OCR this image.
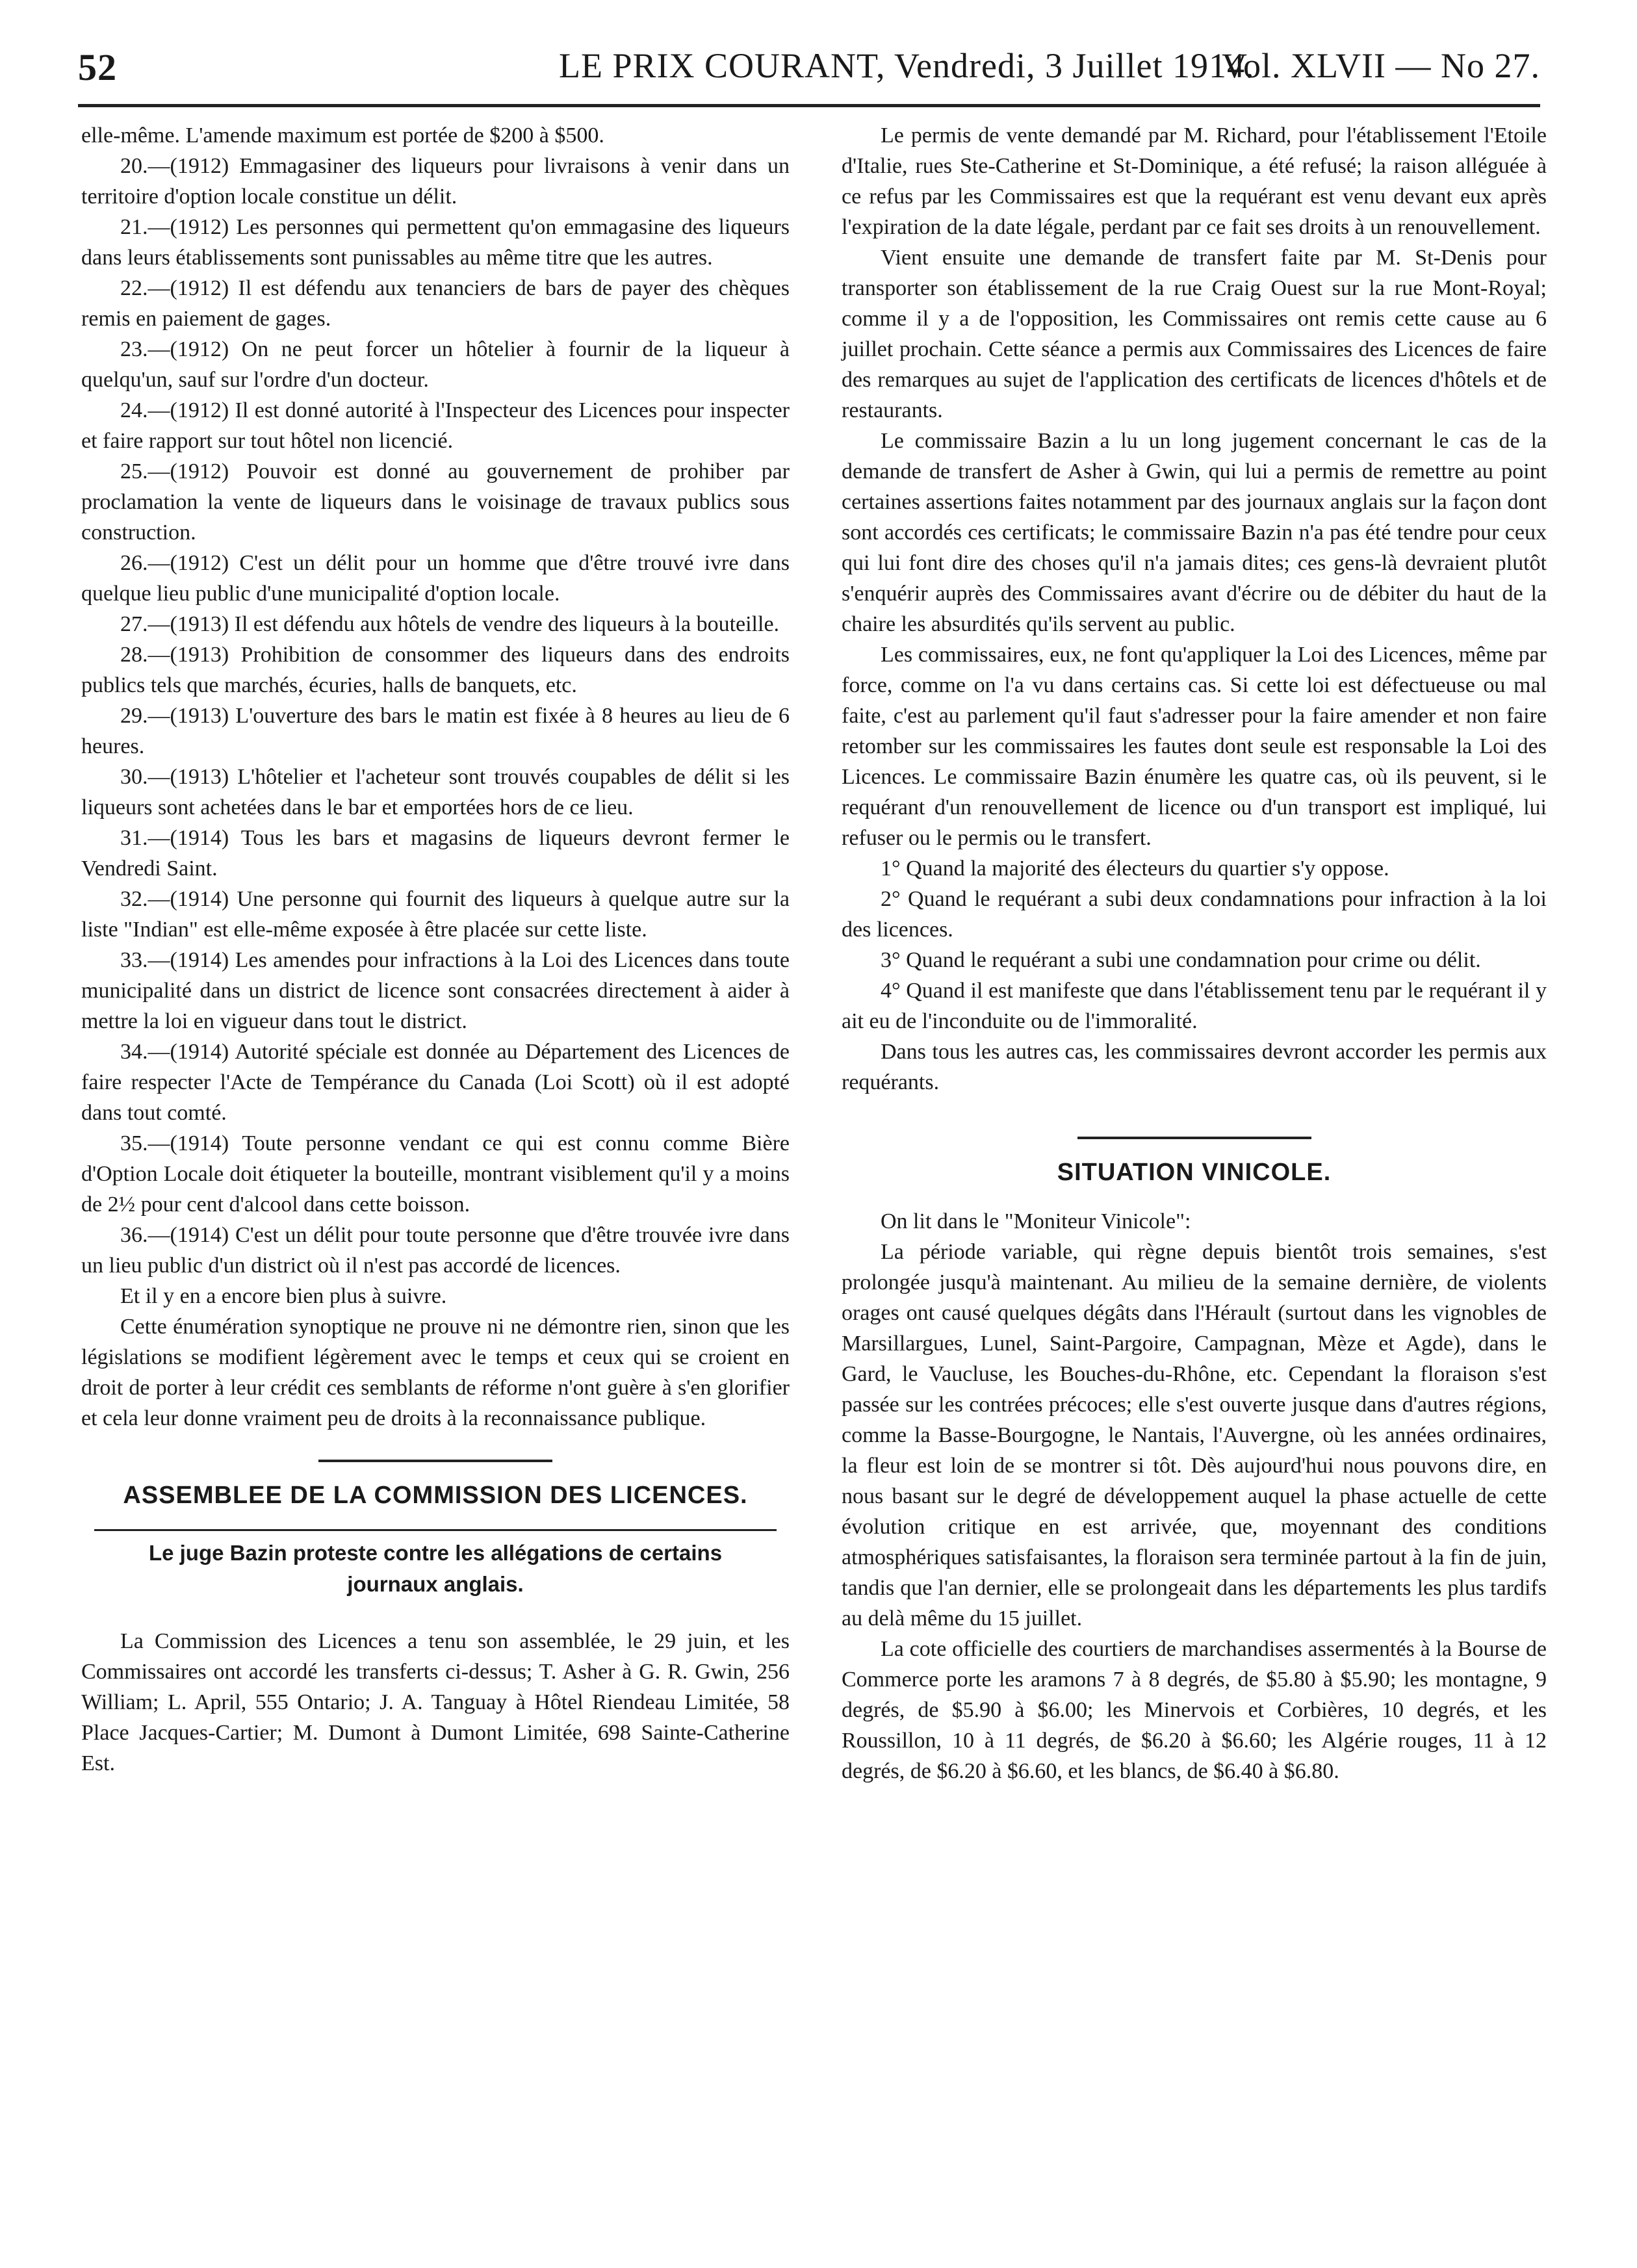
52	LE PRIX COURANT, Vendredi, 3 Juillet 1914.
Vol. XLVII — No 27.

elle-même. L'amende maximum est portée de $200 à $500.

20.—(1912) Emmagasiner des liqueurs pour livraisons à venir dans un territoire d'option locale constitue un délit.

21.—(1912) Les personnes qui permettent qu'on emmagasine des liqueurs dans leurs établissements sont punissables au même titre que les autres.

22.—(1912) Il est défendu aux tenanciers de bars de payer des chèques remis en paiement de gages.

23.—(1912) On ne peut forcer un hôtelier à fournir de la liqueur à quelqu'un, sauf sur l'ordre d'un docteur.

24.—(1912) Il est donné autorité à l'Inspecteur des Licences pour inspecter et faire rapport sur tout hôtel non licencié.

25.—(1912) Pouvoir est donné au gouvernement de prohiber par proclamation la vente de liqueurs dans le voisinage de travaux publics sous construction.

26.—(1912) C'est un délit pour un homme que d'être trouvé ivre dans quelque lieu public d'une municipalité d'option locale.

27.—(1913) Il est défendu aux hôtels de vendre des liqueurs à la bouteille.

28.—(1913) Prohibition de consommer des liqueurs dans des endroits publics tels que marchés, écuries, halls de banquets, etc.

29.—(1913) L'ouverture des bars le matin est fixée à 8 heures au lieu de 6 heures.

30.—(1913) L'hôtelier et l'acheteur sont trouvés coupables de délit si les liqueurs sont achetées dans le bar et emportées hors de ce lieu.

31.—(1914) Tous les bars et magasins de liqueurs devront fermer le Vendredi Saint.

32.—(1914) Une personne qui fournit des liqueurs à quelque autre sur la liste "Indian" est elle-même exposée à être placée sur cette liste.

33.—(1914) Les amendes pour infractions à la Loi des Licences dans toute municipalité dans un district de licence sont consacrées directement à aider à mettre la loi en vigueur dans tout le district.

34.—(1914) Autorité spéciale est donnée au Département des Licences de faire respecter l'Acte de Tempérance du Canada (Loi Scott) où il est adopté dans tout comté.

35.—(1914) Toute personne vendant ce qui est connu comme Bière d'Option Locale doit étiqueter la bouteille, montrant visiblement qu'il y a moins de 2½ pour cent d'alcool dans cette boisson.

36.—(1914) C'est un délit pour toute personne que d'être trouvée ivre dans un lieu public d'un district où il n'est pas accordé de licences.

Et il y en a encore bien plus à suivre.

Cette énumération synoptique ne prouve ni ne démontre rien, sinon que les législations se modifient légèrement avec le temps et ceux qui se croient en droit de porter à leur crédit ces semblants de réforme n'ont guère à s'en glorifier et cela leur donne vraiment peu de droits à la reconnaissance publique.

ASSEMBLEE DE LA COMMISSION DES LICENCES.
Le juge Bazin proteste contre les allégations de certains journaux anglais.

La Commission des Licences a tenu son assemblée, le 29 juin, et les Commissaires ont accordé les transferts ci-dessus; T. Asher à G. R. Gwin, 256 William; L. April, 555 Ontario; J. A. Tanguay à Hôtel Riendeau Limitée, 58 Place Jacques-Cartier; M. Dumont à Dumont Limitée, 698 Sainte-Catherine Est.

Le permis de vente demandé par M. Richard, pour l'établissement l'Etoile d'Italie, rues Ste-Catherine et St-Dominique, a été refusé; la raison alléguée à ce refus par les Commissaires est que la requérant est venu devant eux après l'expiration de la date légale, perdant par ce fait ses droits à un renouvellement.

Vient ensuite une demande de transfert faite par M. St-Denis pour transporter son établissement de la rue Craig Ouest sur la rue Mont-Royal; comme il y a de l'opposition, les Commissaires ont remis cette cause au 6 juillet prochain. Cette séance a permis aux Commissaires des Licences de faire des remarques au sujet de l'application des certificats de licences d'hôtels et de restaurants.

Le commissaire Bazin a lu un long jugement concernant le cas de la demande de transfert de Asher à Gwin, qui lui a permis de remettre au point certaines assertions faites notamment par des journaux anglais sur la façon dont sont accordés ces certificats; le commissaire Bazin n'a pas été tendre pour ceux qui lui font dire des choses qu'il n'a jamais dites; ces gens-là devraient plutôt s'enquérir auprès des Commissaires avant d'écrire ou de débiter du haut de la chaire les absurdités qu'ils servent au public.

Les commissaires, eux, ne font qu'appliquer la Loi des Licences, même par force, comme on l'a vu dans certains cas. Si cette loi est défectueuse ou mal faite, c'est au parlement qu'il faut s'adresser pour la faire amender et non faire retomber sur les commissaires les fautes dont seule est responsable la Loi des Licences. Le commissaire Bazin énumère les quatre cas, où ils peuvent, si le requérant d'un renouvellement de licence ou d'un transport est impliqué, lui refuser ou le permis ou le transfert.

1° Quand la majorité des électeurs du quartier s'y oppose.

2° Quand le requérant a subi deux condamnations pour infraction à la loi des licences.

3° Quand le requérant a subi une condamnation pour crime ou délit.

4° Quand il est manifeste que dans l'établissement tenu par le requérant il y ait eu de l'inconduite ou de l'immoralité.

Dans tous les autres cas, les commissaires devront accorder les permis aux requérants.

SITUATION VINICOLE.

On lit dans le "Moniteur Vinicole":

La période variable, qui règne depuis bientôt trois semaines, s'est prolongée jusqu'à maintenant. Au milieu de la semaine dernière, de violents orages ont causé quelques dégâts dans l'Hérault (surtout dans les vignobles de Marsillargues, Lunel, Saint-Pargoire, Campagnan, Mèze et Agde), dans le Gard, le Vaucluse, les Bouches-du-Rhône, etc. Cependant la floraison s'est passée sur les contrées précoces; elle s'est ouverte jusque dans d'autres régions, comme la Basse-Bourgogne, le Nantais, l'Auvergne, où les années ordinaires, la fleur est loin de se montrer si tôt. Dès aujourd'hui nous pouvons dire, en nous basant sur le degré de développement auquel la phase actuelle de cette évolution critique en est arrivée, que, moyennant des conditions atmosphériques satisfaisantes, la floraison sera terminée partout à la fin de juin, tandis que l'an dernier, elle se prolongeait dans les départements les plus tardifs au delà même du 15 juillet.

La cote officielle des courtiers de marchandises assermentés à la Bourse de Commerce porte les aramons 7 à 8 degrés, de $5.80 à $5.90; les montagne, 9 degrés, de $5.90 à $6.00; les Minervois et Corbières, 10 degrés, et les Roussillon, 10 à 11 degrés, de $6.20 à $6.60; les Algérie rouges, 11 à 12 degrés, de $6.20 à $6.60, et les blancs, de $6.40 à $6.80.
